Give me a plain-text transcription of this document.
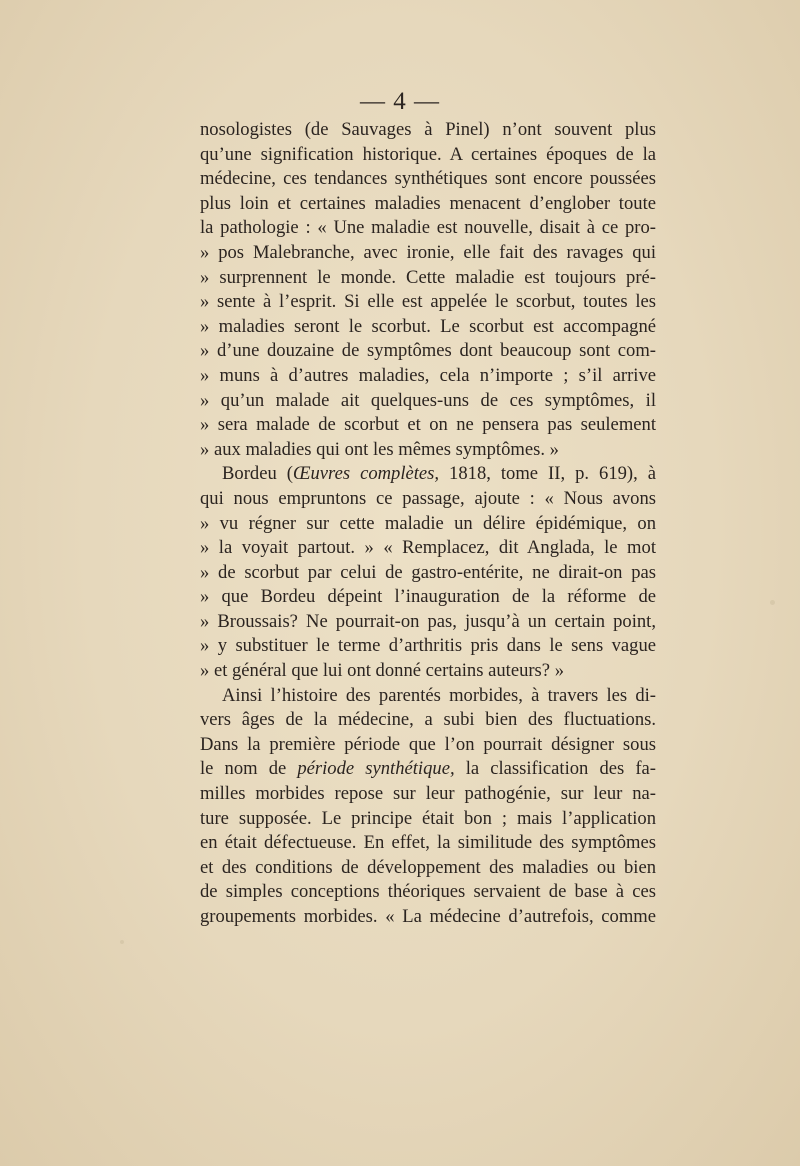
— 4 —
nosologistes (de Sauvages à Pinel) n’ont souvent plus
qu’une signification historique. A certaines époques de la
médecine, ces tendances synthétiques sont encore poussées
plus loin et certaines maladies menacent d’englober toute
la pathologie : « Une maladie est nouvelle, disait à ce pro-
» pos Malebranche, avec ironie, elle fait des ravages qui
» surprennent le monde. Cette maladie est toujours pré-
» sente à l’esprit. Si elle est appelée le scorbut, toutes les
» maladies seront le scorbut. Le scorbut est accompagné
» d’une douzaine de symptômes dont beaucoup sont com-
» muns à d’autres maladies, cela n’importe ; s’il arrive
» qu’un malade ait quelques-uns de ces symptômes, il
» sera malade de scorbut et on ne pensera pas seulement
» aux maladies qui ont les mêmes symptômes. »
Bordeu (Œuvres complètes, 1818, tome II, p. 619), à
qui nous empruntons ce passage, ajoute : « Nous avons
» vu régner sur cette maladie un délire épidémique, on
» la voyait partout. » « Remplacez, dit Anglada, le mot
» de scorbut par celui de gastro-entérite, ne dirait-on pas
» que Bordeu dépeint l’inauguration de la réforme de
» Broussais? Ne pourrait-on pas, jusqu’à un certain point,
» y substituer le terme d’arthritis pris dans le sens vague
» et général que lui ont donné certains auteurs? »
Ainsi l’histoire des parentés morbides, à travers les di-
vers âges de la médecine, a subi bien des fluctuations.
Dans la première période que l’on pourrait désigner sous
le nom de période synthétique, la classification des fa-
milles morbides repose sur leur pathogénie, sur leur na-
ture supposée. Le principe était bon ; mais l’application
en était défectueuse. En effet, la similitude des symptômes
et des conditions de développement des maladies ou bien
de simples conceptions théoriques servaient de base à ces
groupements morbides. « La médecine d’autrefois, comme
